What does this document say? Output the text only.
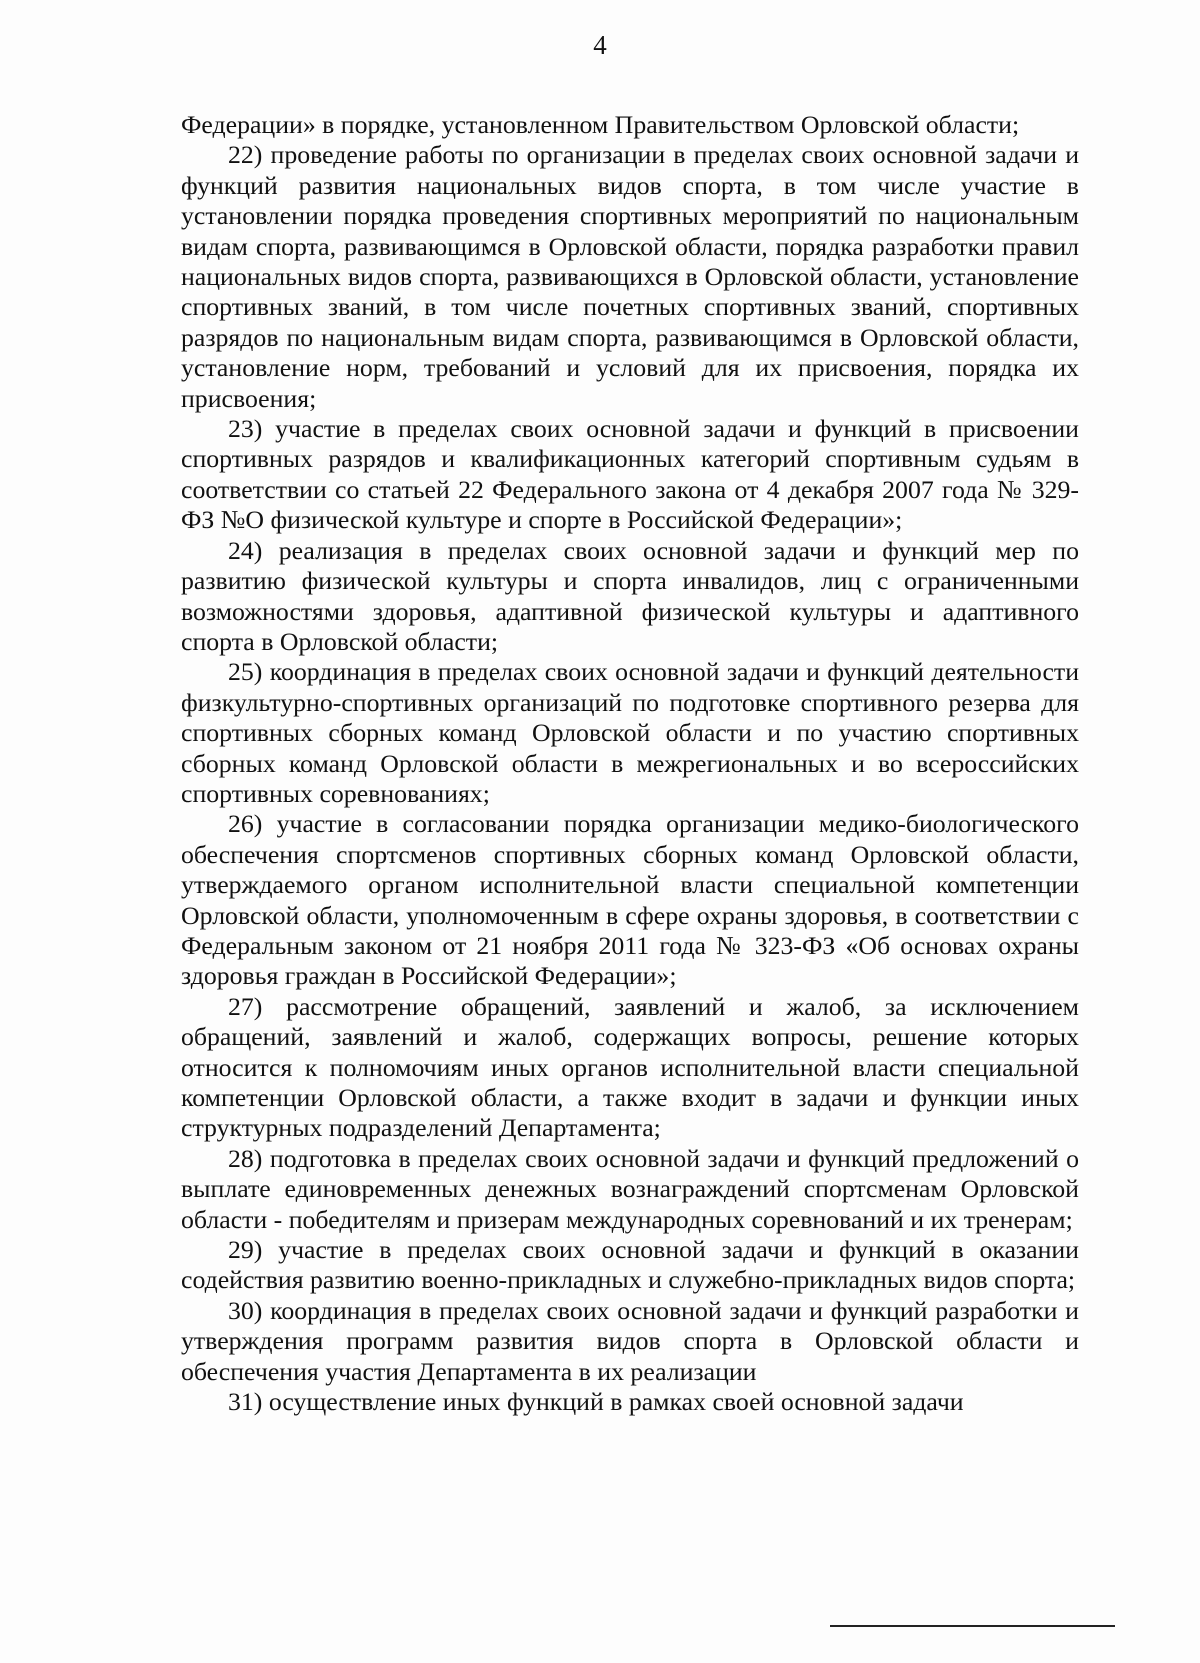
4

Федерации» в порядке, установленном Правительством Орловской области;

22) проведение работы по организации в пределах своих основной задачи и функций развития национальных видов спорта, в том числе участие в установлении порядка проведения спортивных мероприятий по национальным видам спорта, развивающимся в Орловской области, порядка разработки правил национальных видов спорта, развивающихся в Орловской области, установление спортивных званий, в том числе почетных спортивных званий, спортивных разрядов по национальным видам спорта, развивающимся в Орловской области, установление норм, требований и условий для их присвоения, порядка их присвоения;

23) участие в пределах своих основной задачи и функций в присвоении спортивных разрядов и квалификационных категорий спортивным судьям в соответствии со статьей 22 Федерального закона от 4 декабря 2007 года № 329-ФЗ №О физической культуре и спорте в Российской Федерации»;

24) реализация в пределах своих основной задачи и функций мер по развитию физической культуры и спорта инвалидов, лиц с ограниченными возможностями здоровья, адаптивной физической культуры и адаптивного спорта в Орловской области;

25) координация в пределах своих основной задачи и функций деятельности физкультурно-спортивных организаций по подготовке спортивного резерва для спортивных сборных команд Орловской области и по участию спортивных сборных команд Орловской области в межрегиональных и во всероссийских спортивных соревнованиях;

26) участие в согласовании порядка организации медико-биологического обеспечения спортсменов спортивных сборных команд Орловской области, утверждаемого органом исполнительной власти специальной компетенции Орловской области, уполномоченным в сфере охраны здоровья, в соответствии с Федеральным законом от 21 ноября 2011 года № 323-ФЗ «Об основах охраны здоровья граждан в Российской Федерации»;

27) рассмотрение обращений, заявлений и жалоб, за исключением обращений, заявлений и жалоб, содержащих вопросы, решение которых относится к полномочиям иных органов исполнительной власти специальной компетенции Орловской области, а также входит в задачи и функции иных структурных подразделений Департамента;

28) подготовка в пределах своих основной задачи и функций предложений о выплате единовременных денежных вознаграждений спортсменам Орловской области - победителям и призерам международных соревнований и их тренерам;

29) участие в пределах своих основной задачи и функций в оказании содействия развитию военно-прикладных и служебно-прикладных видов спорта;

30) координация в пределах своих основной задачи и функций разработки и утверждения программ развития видов спорта в Орловской области и обеспечения участия Департамента в их реализации

31) осуществление иных функций в рамках своей основной задачи
